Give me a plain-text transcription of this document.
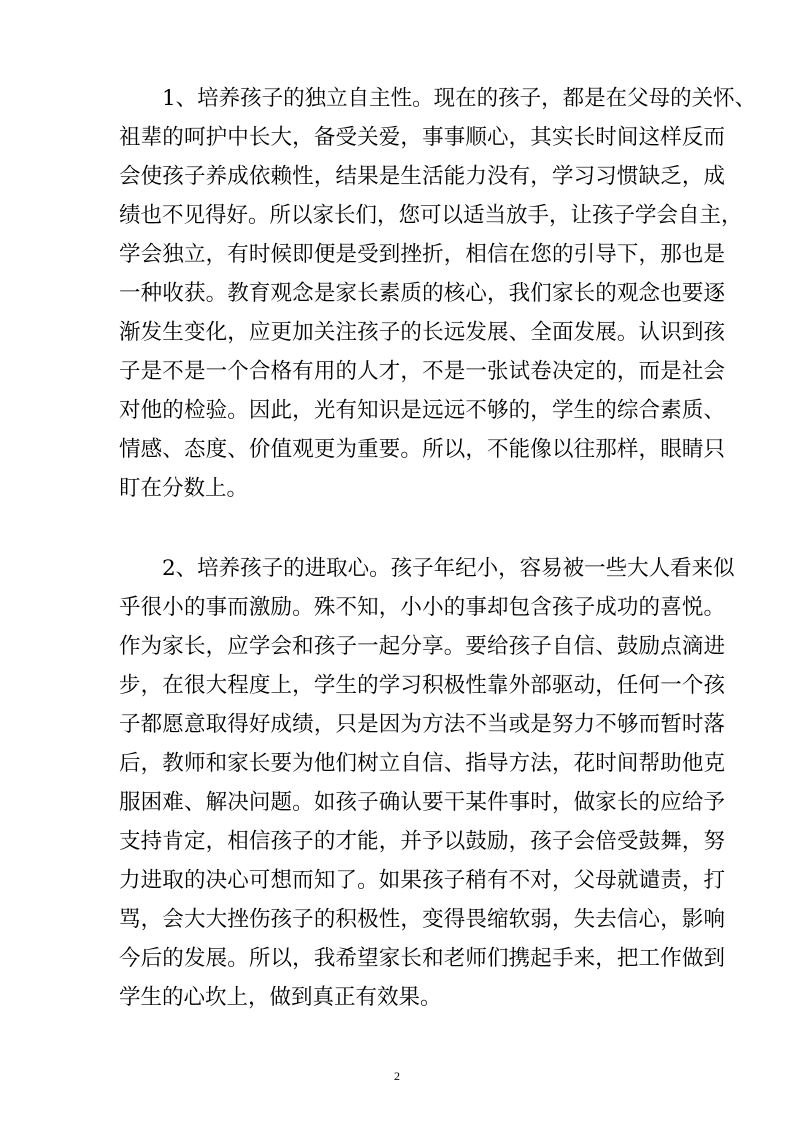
1、培养孩子的独立自主性。现在的孩子，都是在父母的关怀、
祖辈的呵护中长大，备受关爱，事事顺心，其实长时间这样反而
会使孩子养成依赖性，结果是生活能力没有，学习习惯缺乏，成
绩也不见得好。所以家长们，您可以适当放手，让孩子学会自主，
学会独立，有时候即便是受到挫折，相信在您的引导下，那也是
一种收获。教育观念是家长素质的核心，我们家长的观念也要逐
渐发生变化，应更加关注孩子的长远发展、全面发展。认识到孩
子是不是一个合格有用的人才，不是一张试卷决定的，而是社会
对他的检验。因此，光有知识是远远不够的，学生的综合素质、
情感、态度、价值观更为重要。所以，不能像以往那样，眼睛只
盯在分数上。
2、培养孩子的进取心。孩子年纪小，容易被一些大人看来似
乎很小的事而激励。殊不知，小小的事却包含孩子成功的喜悦。
作为家长，应学会和孩子一起分享。要给孩子自信、鼓励点滴进
步，在很大程度上，学生的学习积极性靠外部驱动，任何一个孩
子都愿意取得好成绩，只是因为方法不当或是努力不够而暂时落
后，教师和家长要为他们树立自信、指导方法，花时间帮助他克
服困难、解决问题。如孩子确认要干某件事时，做家长的应给予
支持肯定，相信孩子的才能，并予以鼓励，孩子会倍受鼓舞，努
力进取的决心可想而知了。如果孩子稍有不对，父母就谴责，打
骂，会大大挫伤孩子的积极性，变得畏缩软弱，失去信心，影响
今后的发展。所以，我希望家长和老师们携起手来，把工作做到
学生的心坎上，做到真正有效果。
2
